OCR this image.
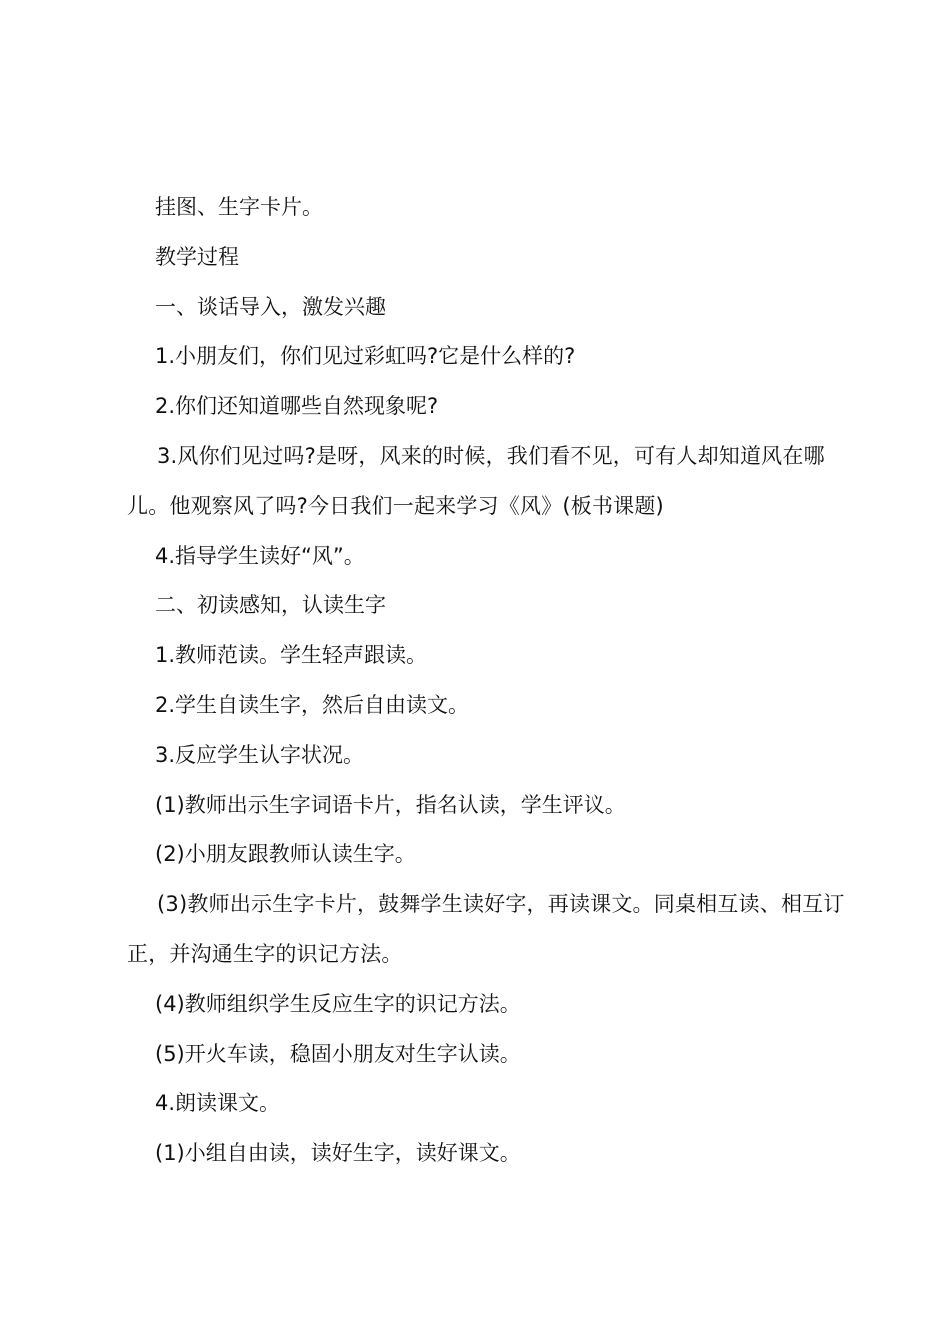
挂图、生字卡片。

教学过程

一、谈话导入，激发兴趣

1.小朋友们，你们见过彩虹吗?它是什么样的?

2.你们还知道哪些自然现象呢?

3.风你们见过吗?是呀，风来的时候，我们看不见，可有人却知道风在哪儿。他观察风了吗?今日我们一起来学习《风》(板书课题)

4.指导学生读好“风”。

二、初读感知，认读生字

1.教师范读。学生轻声跟读。

2.学生自读生字，然后自由读文。

3.反应学生认字状况。

(1)教师出示生字词语卡片，指名认读，学生评议。

(2)小朋友跟教师认读生字。

(3)教师出示生字卡片，鼓舞学生读好字，再读课文。同桌相互读、相互订正，并沟通生字的识记方法。

(4)教师组织学生反应生字的识记方法。

(5)开火车读，稳固小朋友对生字认读。

4.朗读课文。

(1)小组自由读，读好生字，读好课文。
